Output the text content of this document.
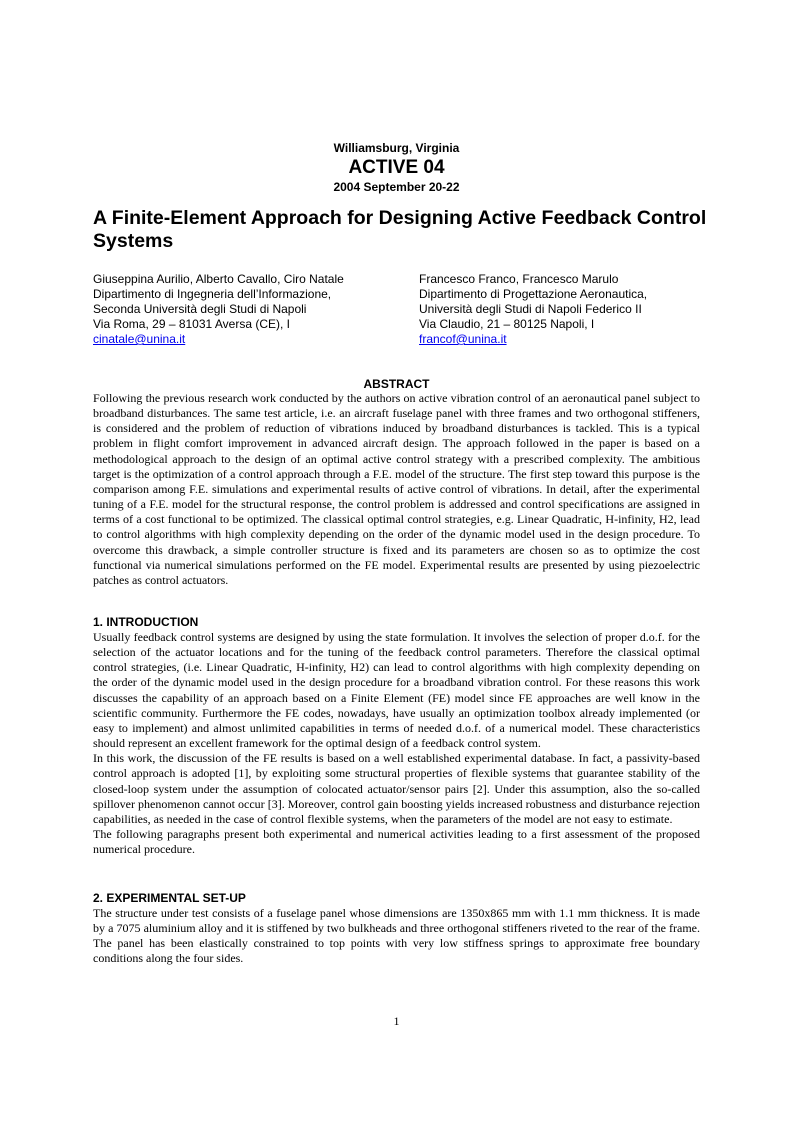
Williamsburg, Virginia
ACTIVE 04
2004 September 20-22
A Finite-Element Approach for Designing Active Feedback Control Systems
Giuseppina Aurilio, Alberto Cavallo, Ciro Natale
Dipartimento di Ingegneria dell’Informazione,
Seconda Università degli Studi di Napoli
Via Roma, 29 – 81031 Aversa (CE), I
cinatale@unina.it
Francesco Franco, Francesco Marulo
Dipartimento di Progettazione Aeronautica,
Università degli Studi di Napoli Federico II
Via Claudio, 21 – 80125 Napoli, I
francof@unina.it
ABSTRACT

Following the previous research work conducted by the authors on active vibration control of an aeronautical panel subject to broadband disturbances. The same test article, i.e. an aircraft fuselage panel with three frames and two orthogonal stiffeners, is considered and the problem of reduction of vibrations induced by broadband disturbances is tackled. This is a typical problem in flight comfort improvement in advanced aircraft design. The approach followed in the paper is based on a methodological approach to the design of an optimal active control strategy with a prescribed complexity. The ambitious target is the optimization of a control approach through a F.E. model of the structure. The first step toward this purpose is the comparison among F.E. simulations and experimental results of active control of vibrations. In detail, after the experimental tuning of a F.E. model for the structural response, the control problem is addressed and control specifications are assigned in terms of a cost functional to be optimized. The classical optimal control strategies, e.g. Linear Quadratic, H-infinity, H2, lead to control algorithms with high complexity depending on the order of the dynamic model used in the design procedure. To overcome this drawback, a simple controller structure is fixed and its parameters are chosen so as to optimize the cost functional via numerical simulations performed on the FE model. Experimental results are presented by using piezoelectric patches as control actuators.

1. INTRODUCTION

Usually feedback control systems are designed by using the state formulation. It involves the selection of proper d.o.f. for the selection of the actuator locations and for the tuning of the feedback control parameters. Therefore the classical optimal control strategies, (i.e. Linear Quadratic, H-infinity, H2) can lead to control algorithms with high complexity depending on the order of the dynamic model used in the design procedure for a broadband vibration control. For these reasons this work discusses the capability of an approach based on a Finite Element (FE) model since FE approaches are well know in the scientific community. Furthermore the FE codes, nowadays, have usually an optimization toolbox already implemented (or easy to implement) and almost unlimited capabilities in terms of needed d.o.f. of a numerical model. These characteristics should represent an excellent framework for the optimal design of a feedback control system.

In this work, the discussion of the FE results is based on a well established experimental database. In fact, a passivity-based control approach is adopted [1], by exploiting some structural properties of flexible systems that guarantee stability of the closed-loop system under the assumption of colocated actuator/sensor pairs [2]. Under this assumption, also the so-called spillover phenomenon cannot occur [3]. Moreover, control gain boosting yields increased robustness and disturbance rejection capabilities, as needed in the case of control flexible systems, when the parameters of the model are not easy to estimate.

The following paragraphs present both experimental and numerical activities leading to a first assessment of the proposed numerical procedure.

2. EXPERIMENTAL SET-UP

The structure under test consists of a fuselage panel whose dimensions are 1350x865 mm with 1.1 mm thickness. It is made by a 7075 aluminium alloy and it is stiffened by two bulkheads and three orthogonal stiffeners riveted to the rear of the frame. The panel has been elastically constrained to top points with very low stiffness springs to approximate free boundary conditions along the four sides.

1
